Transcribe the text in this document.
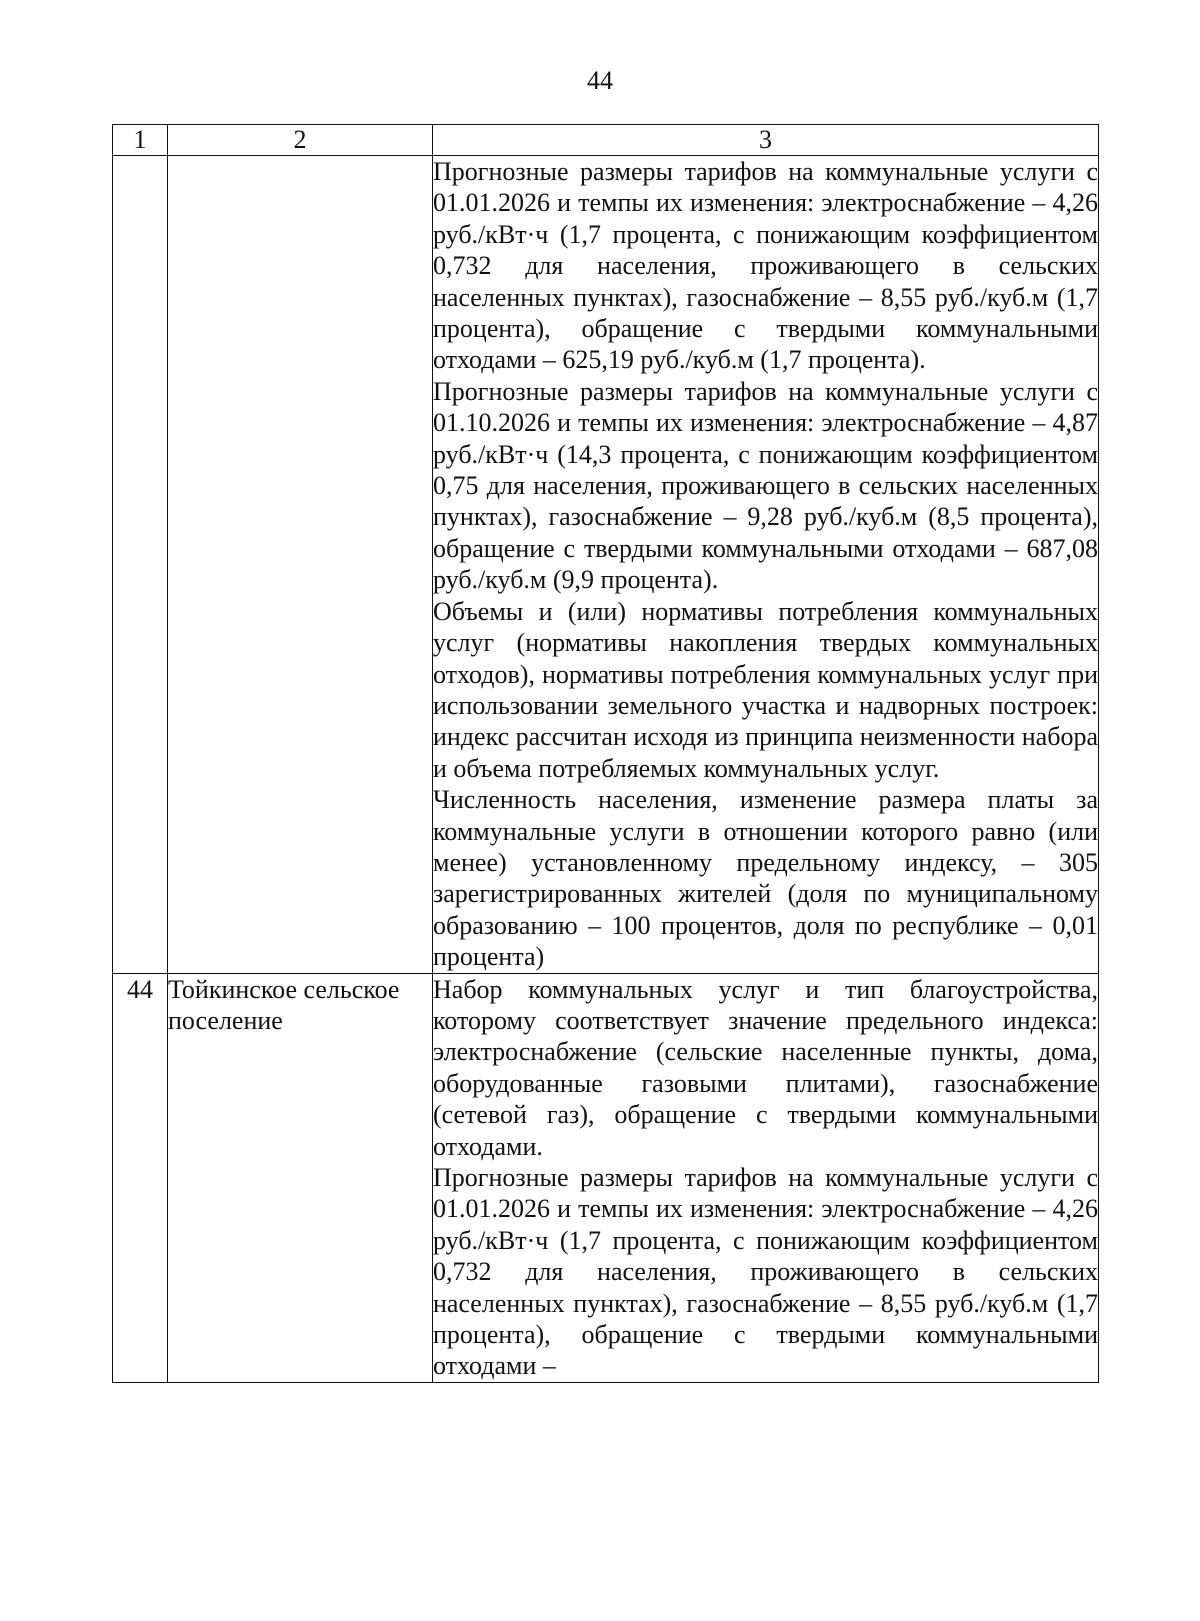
44
1	2	3

		Прогнозные размеры тарифов на коммунальные услуги с 01.01.2026 и темпы их изменения: электроснабжение – 4,26 руб./кВт·ч (1,7 процента, с понижающим коэффициентом 0,732 для населения, проживающего в сельских населенных пунктах), газоснабжение – 8,55 руб./куб.м (1,7 процента), обращение с твердыми коммунальными отходами – 625,19 руб./куб.м (1,7 процента).

Прогнозные размеры тарифов на коммунальные услуги с 01.10.2026 и темпы их изменения: электроснабжение – 4,87 руб./кВт·ч (14,3 процента, с понижающим коэффициентом 0,75 для населения, проживающего в сельских населенных пунктах), газоснабжение – 9,28 руб./куб.м (8,5 процента), обращение с твердыми коммунальными отходами – 687,08 руб./куб.м (9,9 процента).

Объемы и (или) нормативы потребления коммунальных услуг (нормативы накопления твердых коммунальных отходов), нормативы потребления коммунальных услуг при использовании земельного участка и надворных построек: индекс рассчитан исходя из принципа неизменности набора и объема потребляемых коммунальных услуг.

Численность населения, изменение размера платы за коммунальные услуги в отношении которого равно (или менее) установленному предельному индексу, – 305 зарегистрированных жителей (доля по муниципальному образованию – 100 процентов, доля по республике – 0,01 процента)

44	Тойкинское сельское поселение	Набор коммунальных услуг и тип благоустройства, которому соответствует значение предельного индекса: электроснабжение (сельские населенные пункты, дома, оборудованные газовыми плитами), газоснабжение (сетевой газ), обращение с твердыми коммунальными отходами.

Прогнозные размеры тарифов на коммунальные услуги с 01.01.2026 и темпы их изменения: электроснабжение – 4,26 руб./кВт·ч (1,7 процента, с понижающим коэффициентом 0,732 для населения, проживающего в сельских населенных пунктах), газоснабжение – 8,55 руб./куб.м (1,7 процента), обращение с твердыми коммунальными отходами –
